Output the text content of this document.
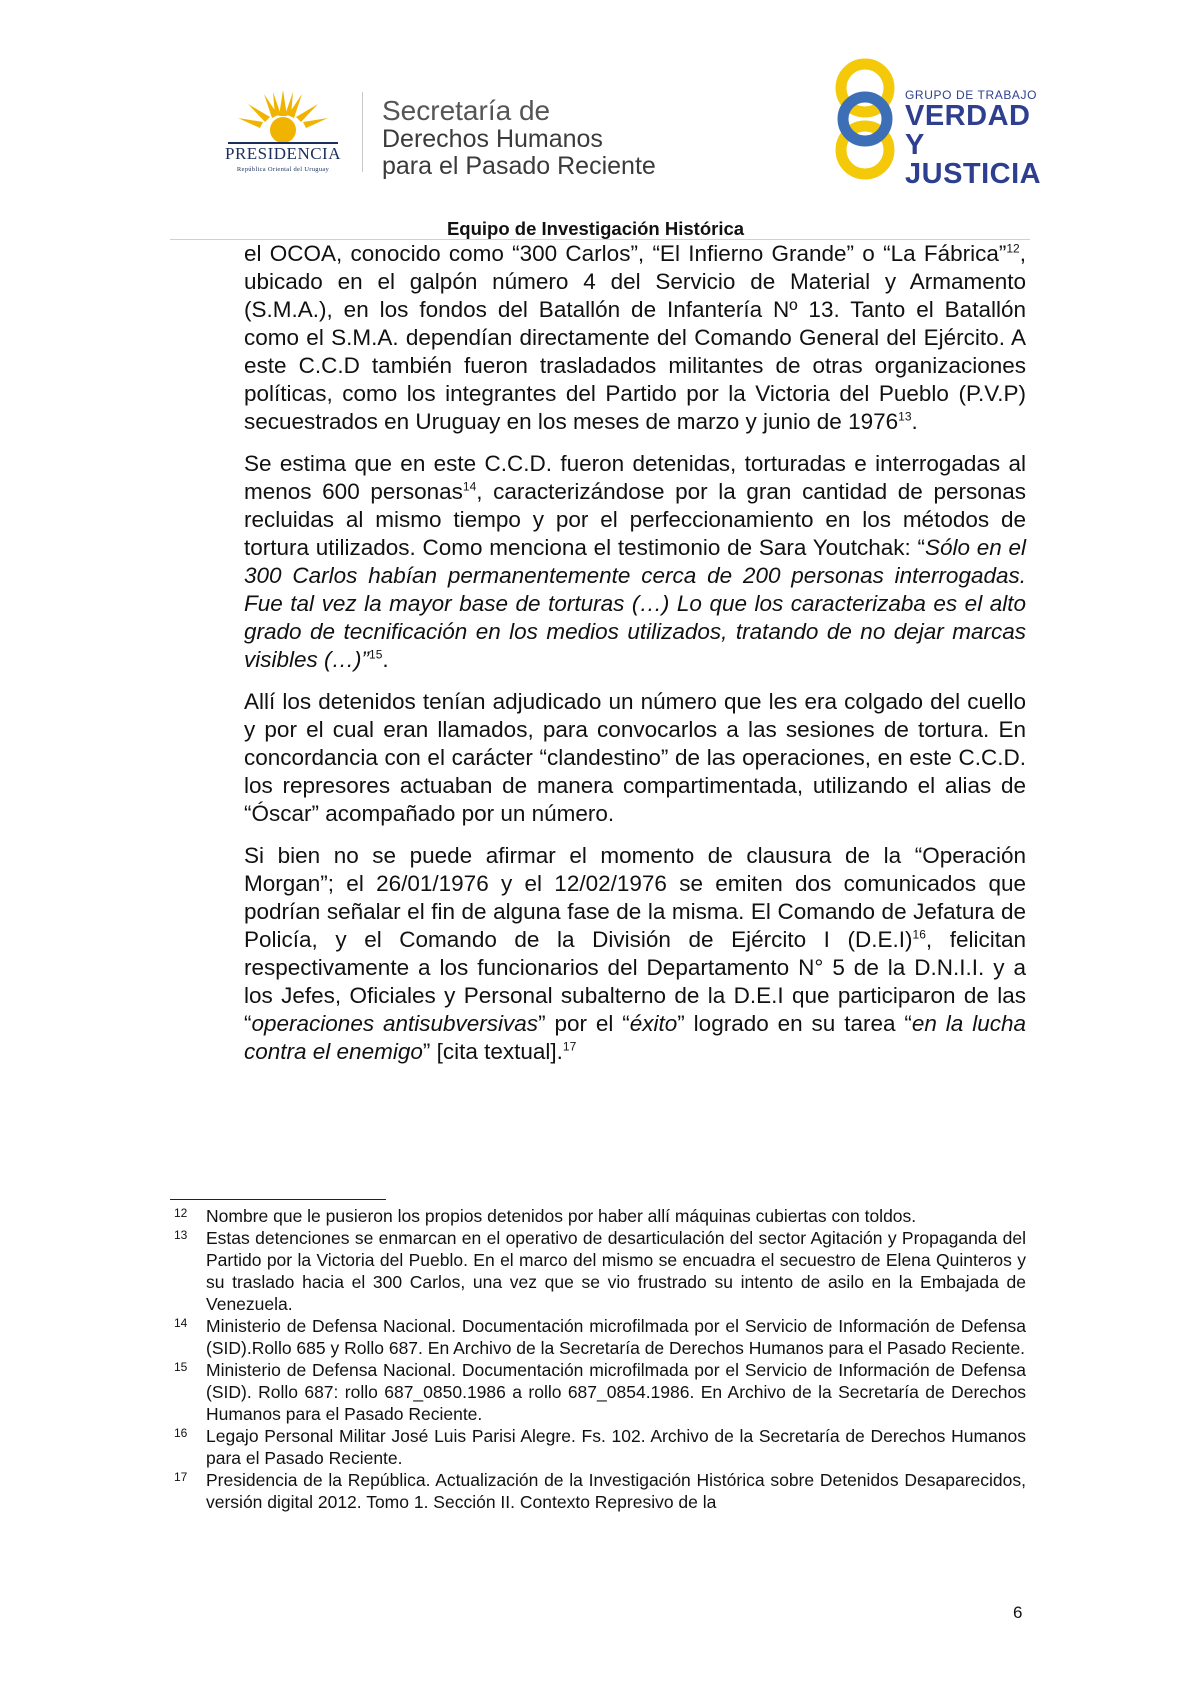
PRESIDENCIA
República Oriental del Uruguay
Secretaría de
Derechos Humanos
para el Pasado Reciente
GRUPO DE TRABAJO
VERDAD Y
JUSTICIA
Equipo de Investigación Histórica

el OCOA, conocido como “300 Carlos”, “El Infierno Grande” o “La Fábrica”$^{12}$, ubicado en el galpón número 4 del Servicio de Material y Armamento (S.M.A.), en los fondos del Batallón de Infantería Nº 13. Tanto el Batallón como el S.M.A. dependían directamente del Comando General del Ejército. A este C.C.D también fueron trasladados militantes de otras organizaciones políticas, como los integrantes del Partido por la Victoria del Pueblo (P.V.P) secuestrados en Uruguay en los meses de marzo y junio de 1976$^{13}$.

Se estima que en este C.C.D. fueron detenidas, torturadas e interrogadas al menos 600 personas$^{14}$, caracterizándose por la gran cantidad de personas recluidas al mismo tiempo y por el perfeccionamiento en los métodos de tortura utilizados. Como menciona el testimonio de Sara Youtchak: “Sólo en el 300 Carlos habían permanentemente cerca de 200 personas interrogadas. Fue tal vez la mayor base de torturas (…) Lo que los caracterizaba es el alto grado de tecnificación en los medios utilizados, tratando de no dejar marcas visibles (…)”$^{15}$.

Allí los detenidos tenían adjudicado un número que les era colgado del cuello y por el cual eran llamados, para convocarlos a las sesiones de tortura. En concordancia con el carácter “clandestino” de las operaciones, en este C.C.D. los represores actuaban de manera compartimentada, utilizando el alias de “Óscar” acompañado por un número.

Si bien no se puede afirmar el momento de clausura de la “Operación Morgan”; el 26/01/1976 y el 12/02/1976 se emiten dos comunicados que podrían señalar el fin de alguna fase de la misma. El Comando de Jefatura de Policía, y el Comando de la División de Ejército I $(D.E.I)^{16}$, felicitan respectivamente a los funcionarios del Departamento N° 5 de la D.N.I.I. y a los Jefes, Oficiales y Personal subalterno de la D.E.I que participaron de las “operaciones antisubversivas” por el “éxito” logrado en su tarea “en la lucha contra el enemigo” [cita textual].$^{17}$

12 Nombre que le pusieron los propios detenidos por haber allí máquinas cubiertas con toldos.
13 Estas detenciones se enmarcan en el operativo de desarticulación del sector Agitación y Propaganda del Partido por la Victoria del Pueblo. En el marco del mismo se encuadra el secuestro de Elena Quinteros y su traslado hacia el 300 Carlos, una vez que se vio frustrado su intento de asilo en la Embajada de Venezuela.
14 Ministerio de Defensa Nacional. Documentación microfilmada por el Servicio de Información de Defensa (SID).Rollo 685 y Rollo 687. En Archivo de la Secretaría de Derechos Humanos para el Pasado Reciente.
15 Ministerio de Defensa Nacional. Documentación microfilmada por el Servicio de Información de Defensa (SID). Rollo 687: rollo 687_0850.1986 a rollo 687_0854.1986. En Archivo de la Secretaría de Derechos Humanos para el Pasado Reciente.
16 Legajo Personal Militar José Luis Parisi Alegre. Fs. 102. Archivo de la Secretaría de Derechos Humanos para el Pasado Reciente.
17 Presidencia de la República. Actualización de la Investigación Histórica sobre Detenidos Desaparecidos, versión digital 2012. Tomo 1. Sección II. Contexto Represivo de la
6
